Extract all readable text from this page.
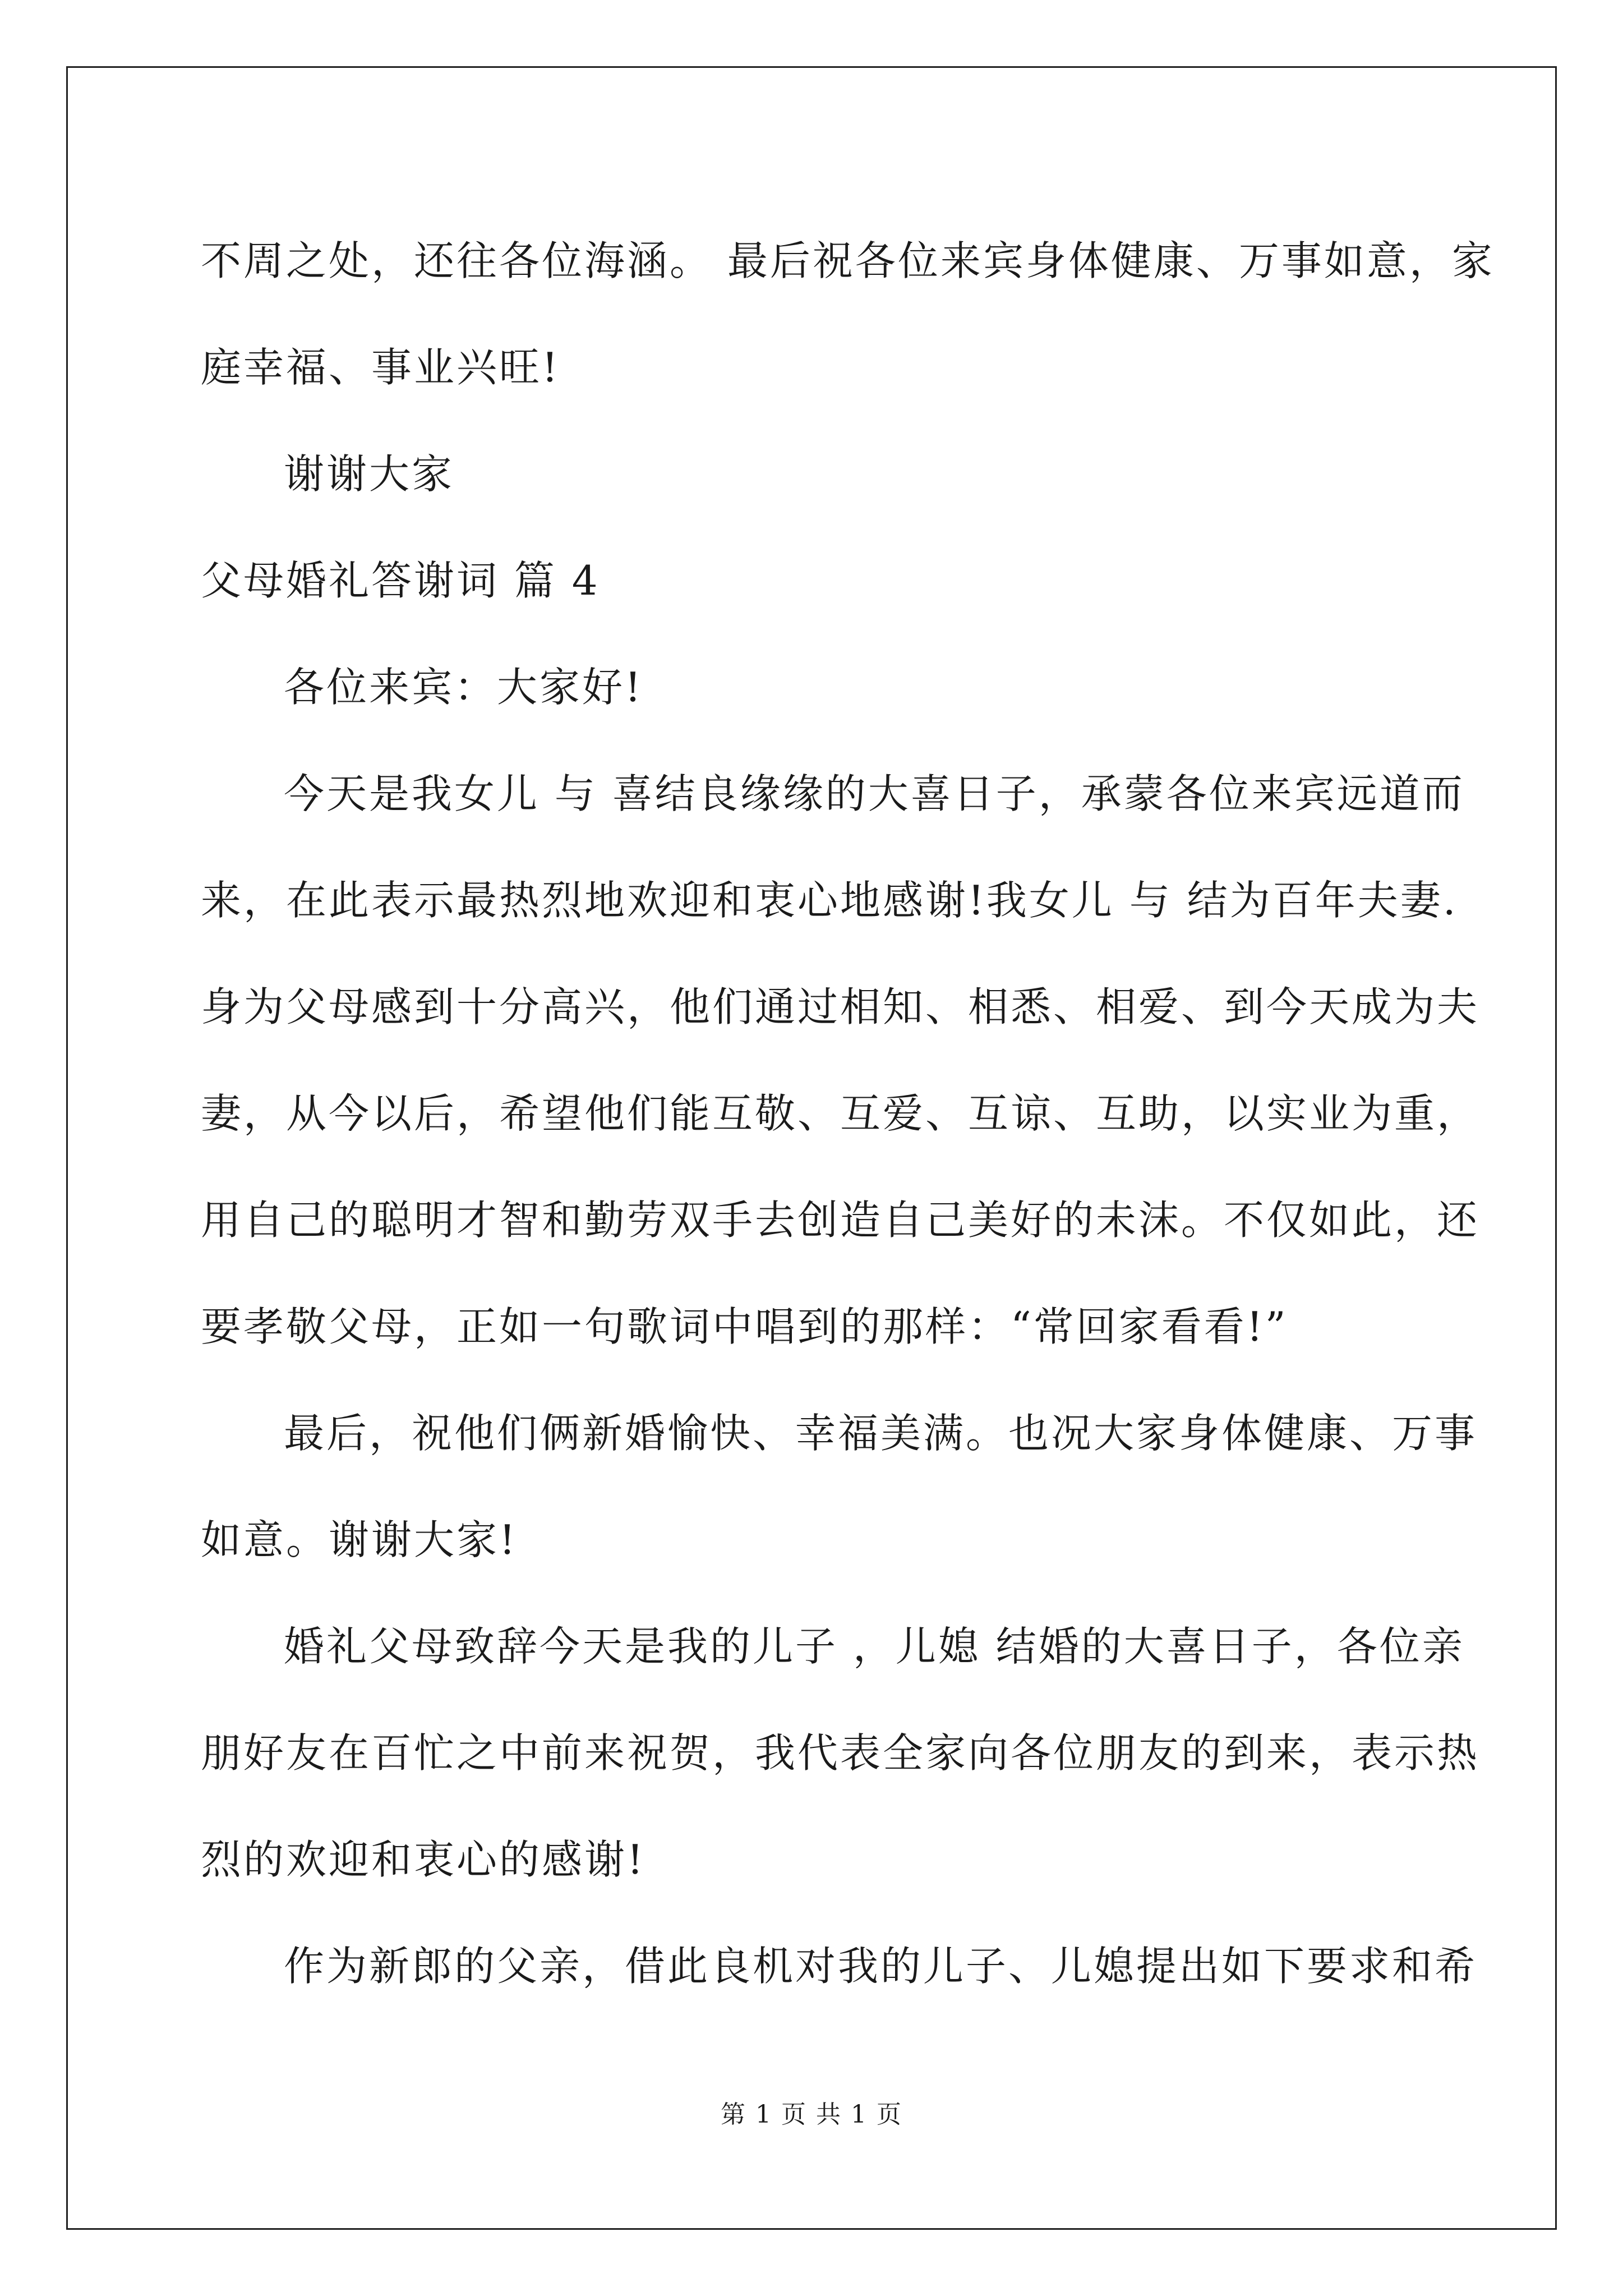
不周之处，还往各位海涵。 最后祝各位来宾身体健康、万事如意，家
庭幸福、事业兴旺!
谢谢大家
父母婚礼答谢词 篇 4
各位来宾：大家好!
今天是我女儿 与 喜结良缘缘的大喜日子，承蒙各位来宾远道而
来，在此表示最热烈地欢迎和衷心地感谢!我女儿 与 结为百年夫妻.
身为父母感到十分高兴，他们通过相知、相悉、相爱、到今天成为夫
妻，从今以后，希望他们能互敬、互爱、互谅、互助，以实业为重，
用自己的聪明才智和勤劳双手去创造自己美好的未沫。不仅如此，还
要孝敬父母，正如一句歌词中唱到的那样：“常回家看看!”
最后，祝他们俩新婚愉快、幸福美满。也况大家身体健康、万事
如意。谢谢大家!
婚礼父母致辞今天是我的儿子 ，儿媳 结婚的大喜日子，各位亲
朋好友在百忙之中前来祝贺，我代表全家向各位朋友的到来，表示热
烈的欢迎和衷心的感谢!
作为新郎的父亲，借此良机对我的儿子、儿媳提出如下要求和希
第 1 页 共 1 页
